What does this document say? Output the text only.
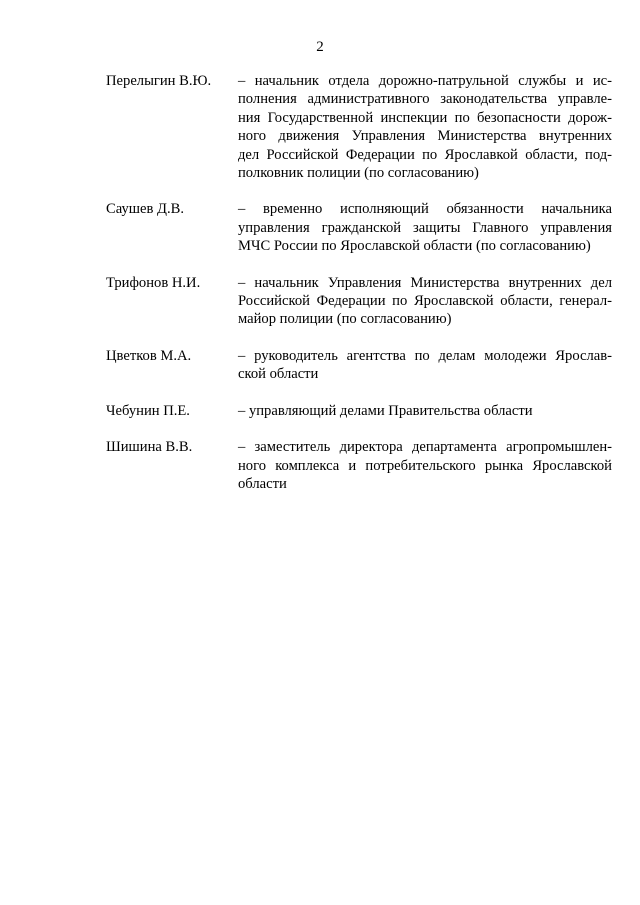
2
Перелыгин В.Ю.	– начальник отдела дорожно-патрульной службы и ис-
полнения административного законодательства управле-
ния Государственной инспекции по безопасности дорож-
ного движения Управления Министерства внутренних
дел Российской Федерации по Ярославкой области, под-
полковник полиции (по согласованию)
Саушев Д.В.	– временно исполняющий обязанности начальника
управления гражданской защиты Главного управления
МЧС России по Ярославской области (по согласованию)
Трифонов Н.И.	– начальник Управления Министерства внутренних дел
Российской Федерации по Ярославской области, генерал-
майор полиции (по согласованию)
Цветков М.А.	– руководитель агентства по делам молодежи Ярослав-
ской области
Чебунин П.Е.	– управляющий делами Правительства области
Шишина В.В.	– заместитель директора департамента агропромышлен-
ного комплекса и потребительского рынка Ярославской
области
